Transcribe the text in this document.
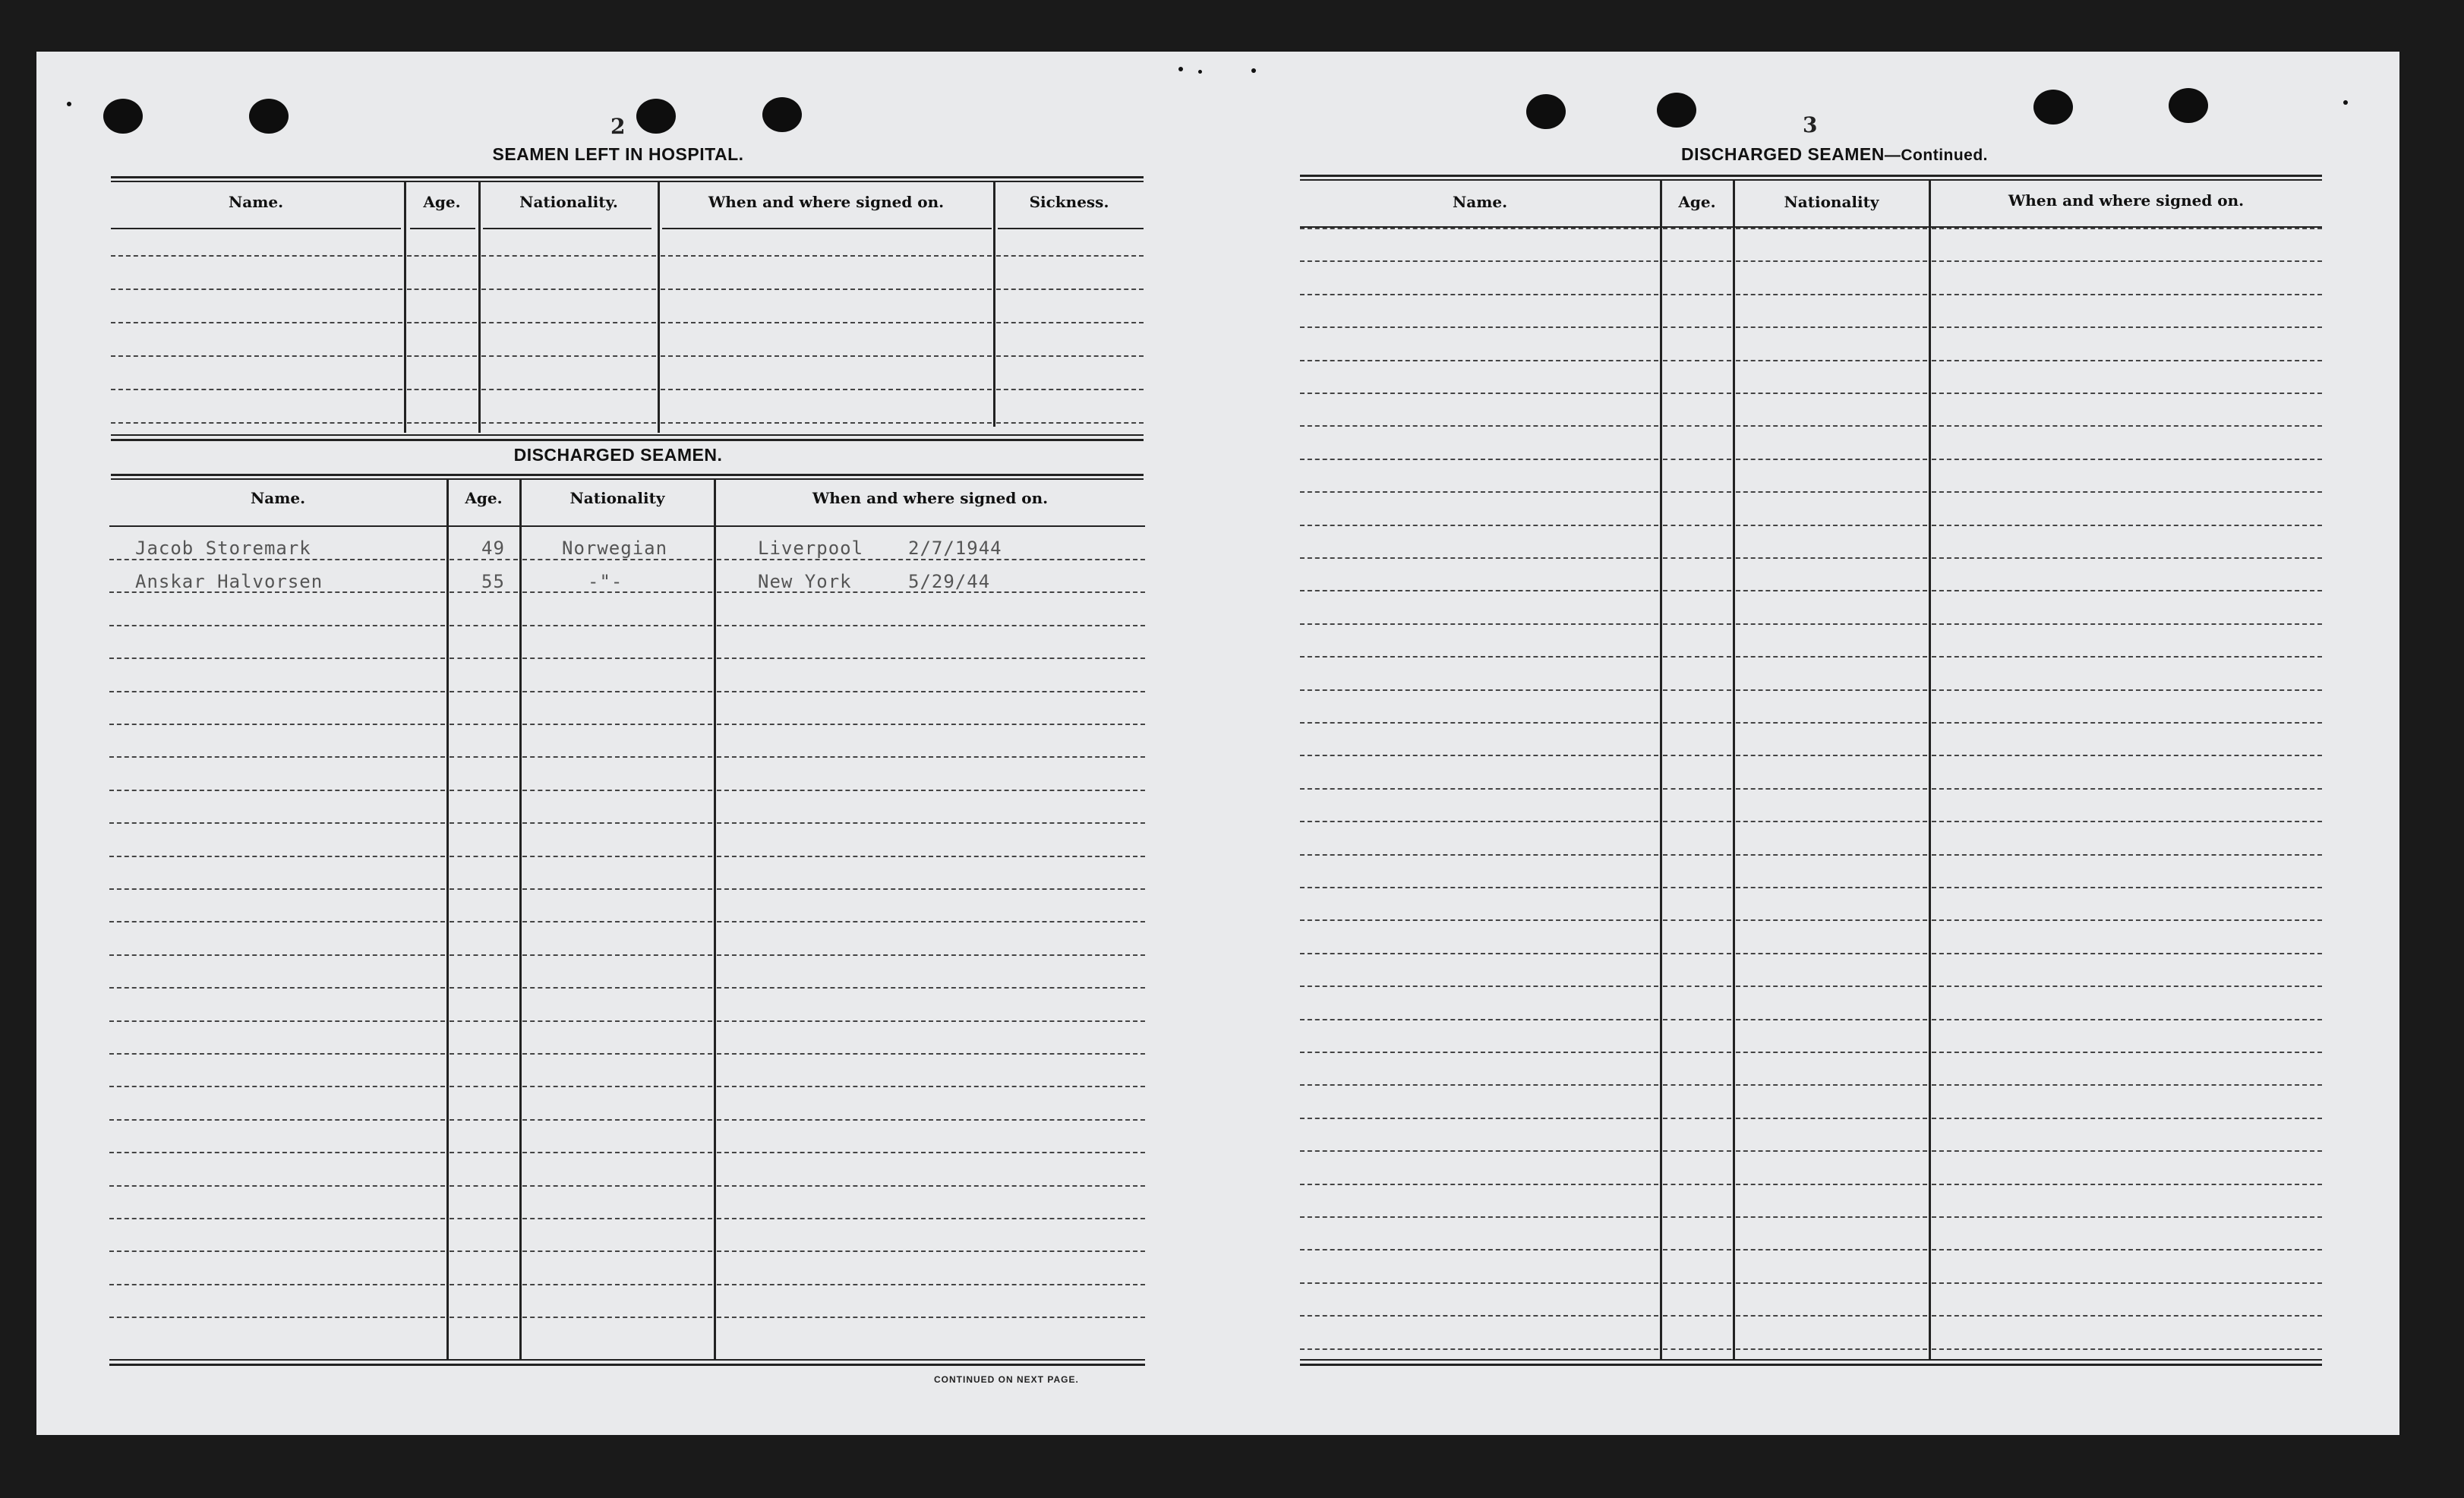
2
SEAMEN LEFT IN HOSPITAL.
Name.	Age.	Nationality.	When and where signed on.	Sickness.
DISCHARGED SEAMEN.
Name.	Age.	Nationality	When and where signed on.
Jacob Storemark	49	Norwegian	Liverpool 2/7/1944
Anskar Halvorsen	55	-"-	New York	5/29/44
CONTINUED ON NEXT PAGE.
3
DISCHARGED SEAMEN—Continued.
Name.	Age.	Nationality	When and where signed on.
